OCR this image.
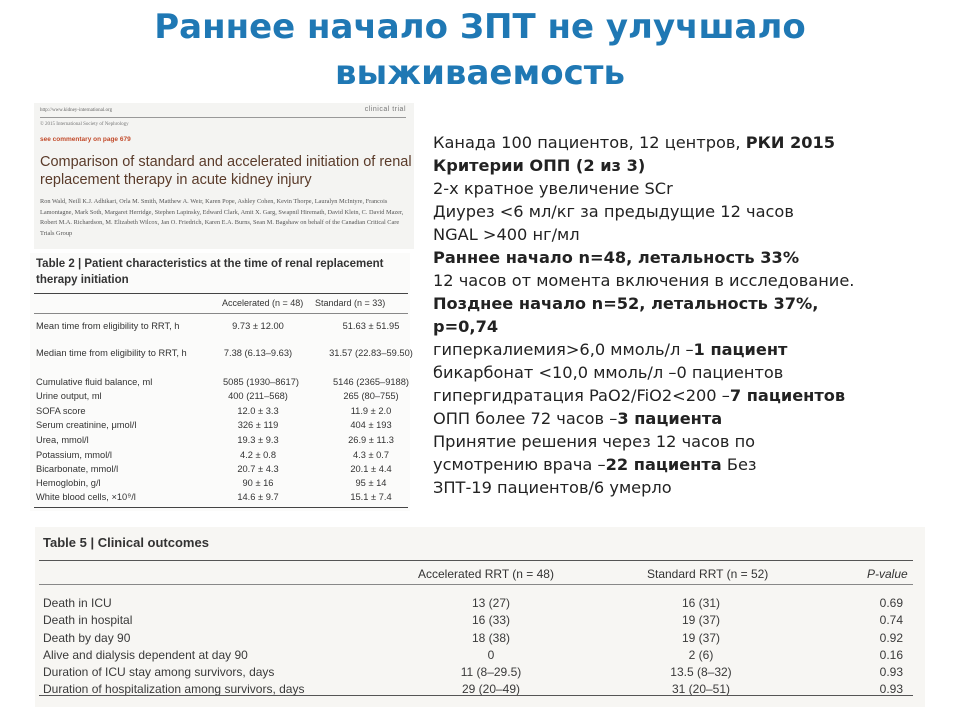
Раннее начало ЗПТ не улучшало
выживаемость
http://www.kidney-international.org	clinical trial
© 2015 International Society of Nephrology
see commentary on page 679
Comparison of standard and accelerated initiation of renal replacement therapy in acute kidney injury
Ron Wald, Neill K.J. Adhikari, Orla M. Smith, Matthew A. Weir, Karen Pope, Ashley Cohen, Kevin Thorpe, Lauralyn McIntyre, Francois Lamontagne, Mark Soth, Margaret Herridge, Stephen Lapinsky, Edward Clark, Amit X. Garg, Swapnil Hiremath, David Klein, C. David Mazer, Robert M.A. Richardson, M. Elizabeth Wilcox, Jan O. Friedrich, Karen E.A. Burns, Sean M. Bagshaw on behalf of the Canadian Critical Care Trials Group
Table 2 | Patient characteristics at the time of renal replacement therapy initiation
Accelerated (n = 48) Standard (n = 33)
Mean time from eligibility to RRT, h	9.73 ± 12.00	51.63 ± 51.95
Median time from eligibility to RRT, h	7.38 (6.13–9.63)	31.57 (22.83–59.50)
Cumulative fluid balance, ml	5085 (1930–8617)	5146 (2365–9188)
Urine output, ml	400 (211–568)	265 (80–755)
SOFA score	12.0 ± 3.3	11.9 ± 2.0
Serum creatinine, μmol/l	326 ± 119	404 ± 193
Urea, mmol/l	19.3 ± 9.3	26.9 ± 11.3
Potassium, mmol/l	4.2 ± 0.8	4.3 ± 0.7
Bicarbonate, mmol/l	20.7 ± 4.3	20.1 ± 4.4
Hemoglobin, g/l	90 ± 16	95 ± 14
White blood cells, ×10⁹/l	14.6 ± 9.7	15.1 ± 7.4
Канада 100 пациентов, 12 центров, РКИ 2015
Критерии ОПП (2 из 3)
2-х кратное увеличение SCr
Диурез <6 мл/кг за предыдущие 12 часов
NGAL >400 нг/мл
Раннее начало n=48, летальность 33%
12 часов от момента включения в исследование.
Позднее начало n=52, летальность 37%,
p=0,74
гиперкалиемия>6,0 ммоль/л –1 пациент
бикарбонат <10,0 ммоль/л –0 пациентов
гипергидратация PaO2/FiO2<200 –7 пациентов
ОПП более 72 часов –3 пациента
Принятие решения через 12 часов по
усмотрению врача –22 пациента Без
ЗПТ-19 пациентов/6 умерло
Table 5 | Clinical outcomes
Accelerated RRT (n = 48)	Standard RRT (n = 52)	P-value
Death in ICU	13 (27)	16 (31)	0.69
Death in hospital	16 (33)	19 (37)	0.74
Death by day 90	18 (38)	19 (37)	0.92
Alive and dialysis dependent at day 90	0	2 (6)	0.16
Duration of ICU stay among survivors, days	11 (8–29.5)	13.5 (8–32)	0.93
Duration of hospitalization among survivors, days	29 (20–49)	31 (20–51)	0.93
